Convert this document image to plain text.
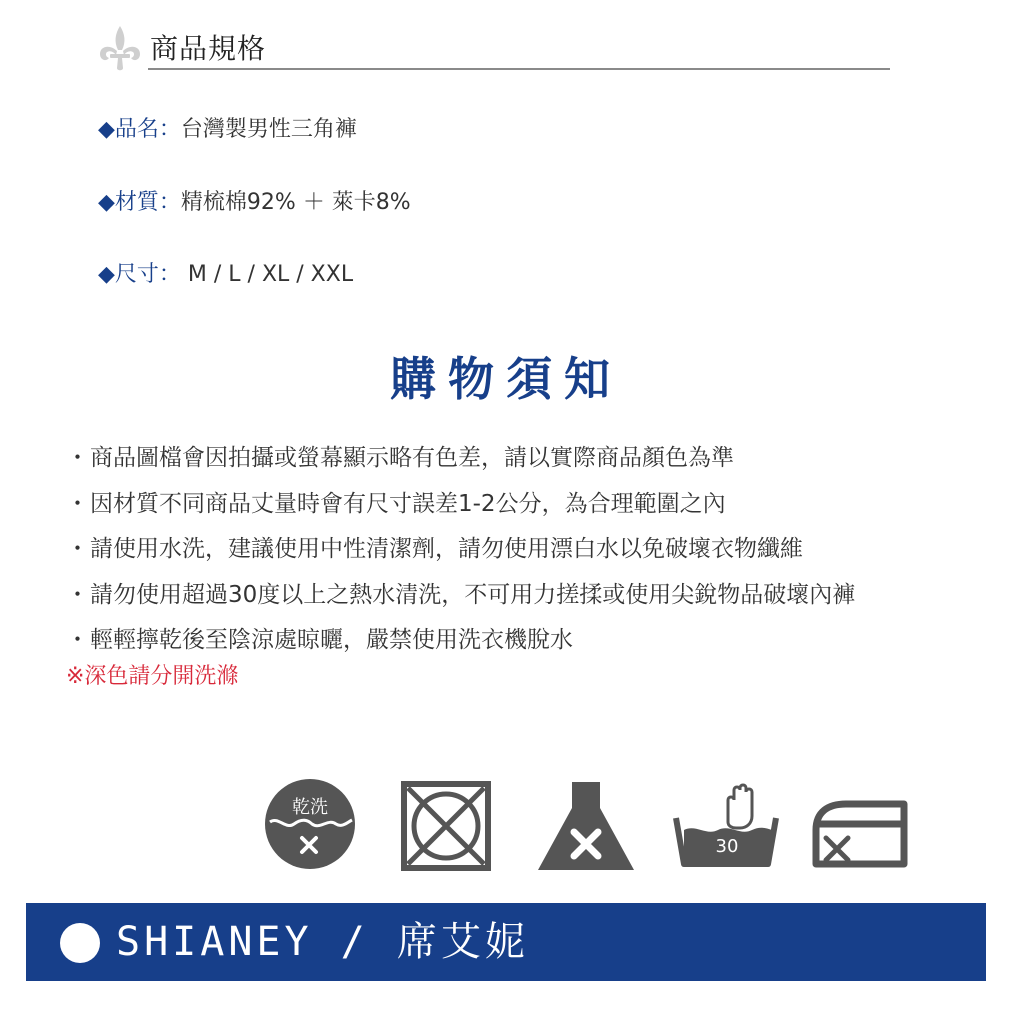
商品規格
◆品名：台灣製男性三角褲
◆材質：精梳棉92% ＋ 萊卡8%
◆尺寸： M / L / XL / XXL
購物須知
・商品圖檔會因拍攝或螢幕顯示略有色差，請以實際商品顏色為準
・因材質不同商品丈量時會有尺寸誤差1-2公分，為合理範圍之內
・請使用水洗，建議使用中性清潔劑，請勿使用漂白水以免破壞衣物纖維
・請勿使用超過30度以上之熱水清洗，不可用力搓揉或使用尖銳物品破壞內褲
・輕輕擰乾後至陰涼處晾曬，嚴禁使用洗衣機脫水
※深色請分開洗滌
乾洗
30
SHIANEY / 席艾妮
